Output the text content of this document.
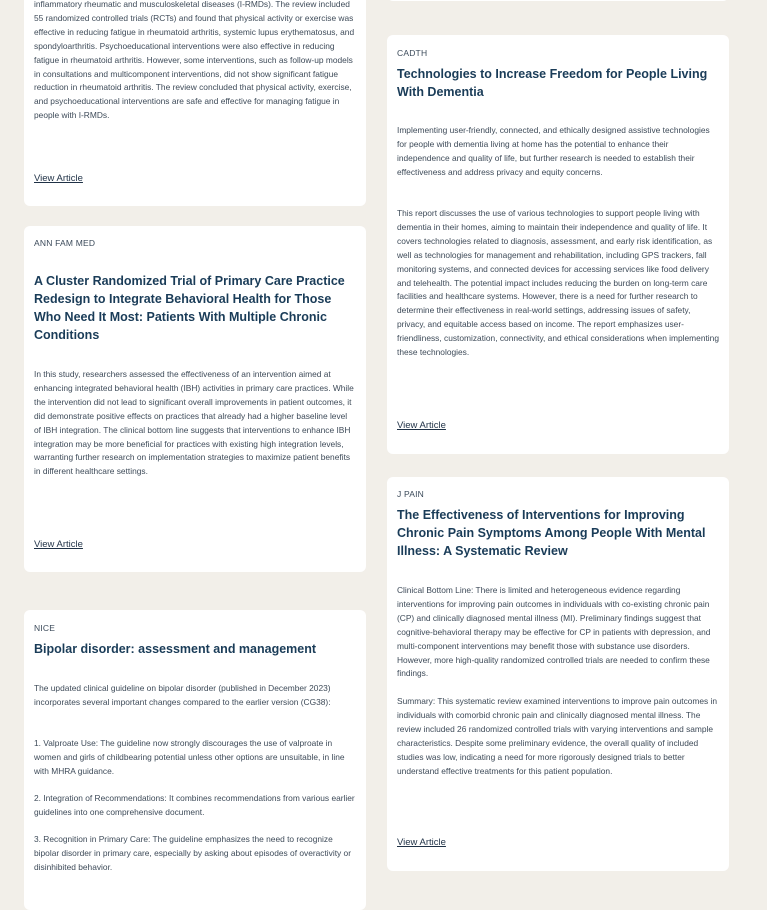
inflammatory rheumatic and musculoskeletal diseases (I-RMDs). The review included 55 randomized controlled trials (RCTs) and found that physical activity or exercise was effective in reducing fatigue in rheumatoid arthritis, systemic lupus erythematosus, and spondyloarthritis. Psychoeducational interventions were also effective in reducing fatigue in rheumatoid arthritis. However, some interventions, such as follow-up models in consultations and multicomponent interventions, did not show significant fatigue reduction in rheumatoid arthritis. The review concluded that physical activity, exercise, and psychoeducational interventions are safe and effective for managing fatigue in people with I-RMDs.

View Article
ANN FAM MED
A Cluster Randomized Trial of Primary Care Practice Redesign to Integrate Behavioral Health for Those Who Need It Most: Patients With Multiple Chronic Conditions

In this study, researchers assessed the effectiveness of an intervention aimed at enhancing integrated behavioral health (IBH) activities in primary care practices. While the intervention did not lead to significant overall improvements in patient outcomes, it did demonstrate positive effects on practices that already had a higher baseline level of IBH integration. The clinical bottom line suggests that interventions to enhance IBH integration may be more beneficial for practices with existing high integration levels, warranting further research on implementation strategies to maximize patient benefits in different healthcare settings.

View Article
NICE
Bipolar disorder: assessment and management

The updated clinical guideline on bipolar disorder (published in December 2023) incorporates several important changes compared to the earlier version (CG38):

1. Valproate Use: The guideline now strongly discourages the use of valproate in women and girls of childbearing potential unless other options are unsuitable, in line with MHRA guidance.

2. Integration of Recommendations: It combines recommendations from various earlier guidelines into one comprehensive document.

3. Recognition in Primary Care: The guideline emphasizes the need to recognize bipolar disorder in primary care, especially by asking about episodes of overactivity or disinhibited behavior.

CADTH
Technologies to Increase Freedom for People Living With Dementia

Implementing user-friendly, connected, and ethically designed assistive technologies for people with dementia living at home has the potential to enhance their independence and quality of life, but further research is needed to establish their effectiveness and address privacy and equity concerns.

This report discusses the use of various technologies to support people living with dementia in their homes, aiming to maintain their independence and quality of life. It covers technologies related to diagnosis, assessment, and early risk identification, as well as technologies for management and rehabilitation, including GPS trackers, fall monitoring systems, and connected devices for accessing services like food delivery and telehealth. The potential impact includes reducing the burden on long-term care facilities and healthcare systems. However, there is a need for further research to determine their effectiveness in real-world settings, addressing issues of safety, privacy, and equitable access based on income. The report emphasizes user-friendliness, customization, connectivity, and ethical considerations when implementing these technologies.

View Article
J PAIN
The Effectiveness of Interventions for Improving Chronic Pain Symptoms Among People With Mental Illness: A Systematic Review

Clinical Bottom Line: There is limited and heterogeneous evidence regarding interventions for improving pain outcomes in individuals with co-existing chronic pain (CP) and clinically diagnosed mental illness (MI). Preliminary findings suggest that cognitive-behavioral therapy may be effective for CP in patients with depression, and multi-component interventions may benefit those with substance use disorders. However, more high-quality randomized controlled trials are needed to confirm these findings.

Summary: This systematic review examined interventions to improve pain outcomes in individuals with comorbid chronic pain and clinically diagnosed mental illness. The review included 26 randomized controlled trials with varying interventions and sample characteristics. Despite some preliminary evidence, the overall quality of included studies was low, indicating a need for more rigorously designed trials to better understand effective treatments for this patient population.

View Article
